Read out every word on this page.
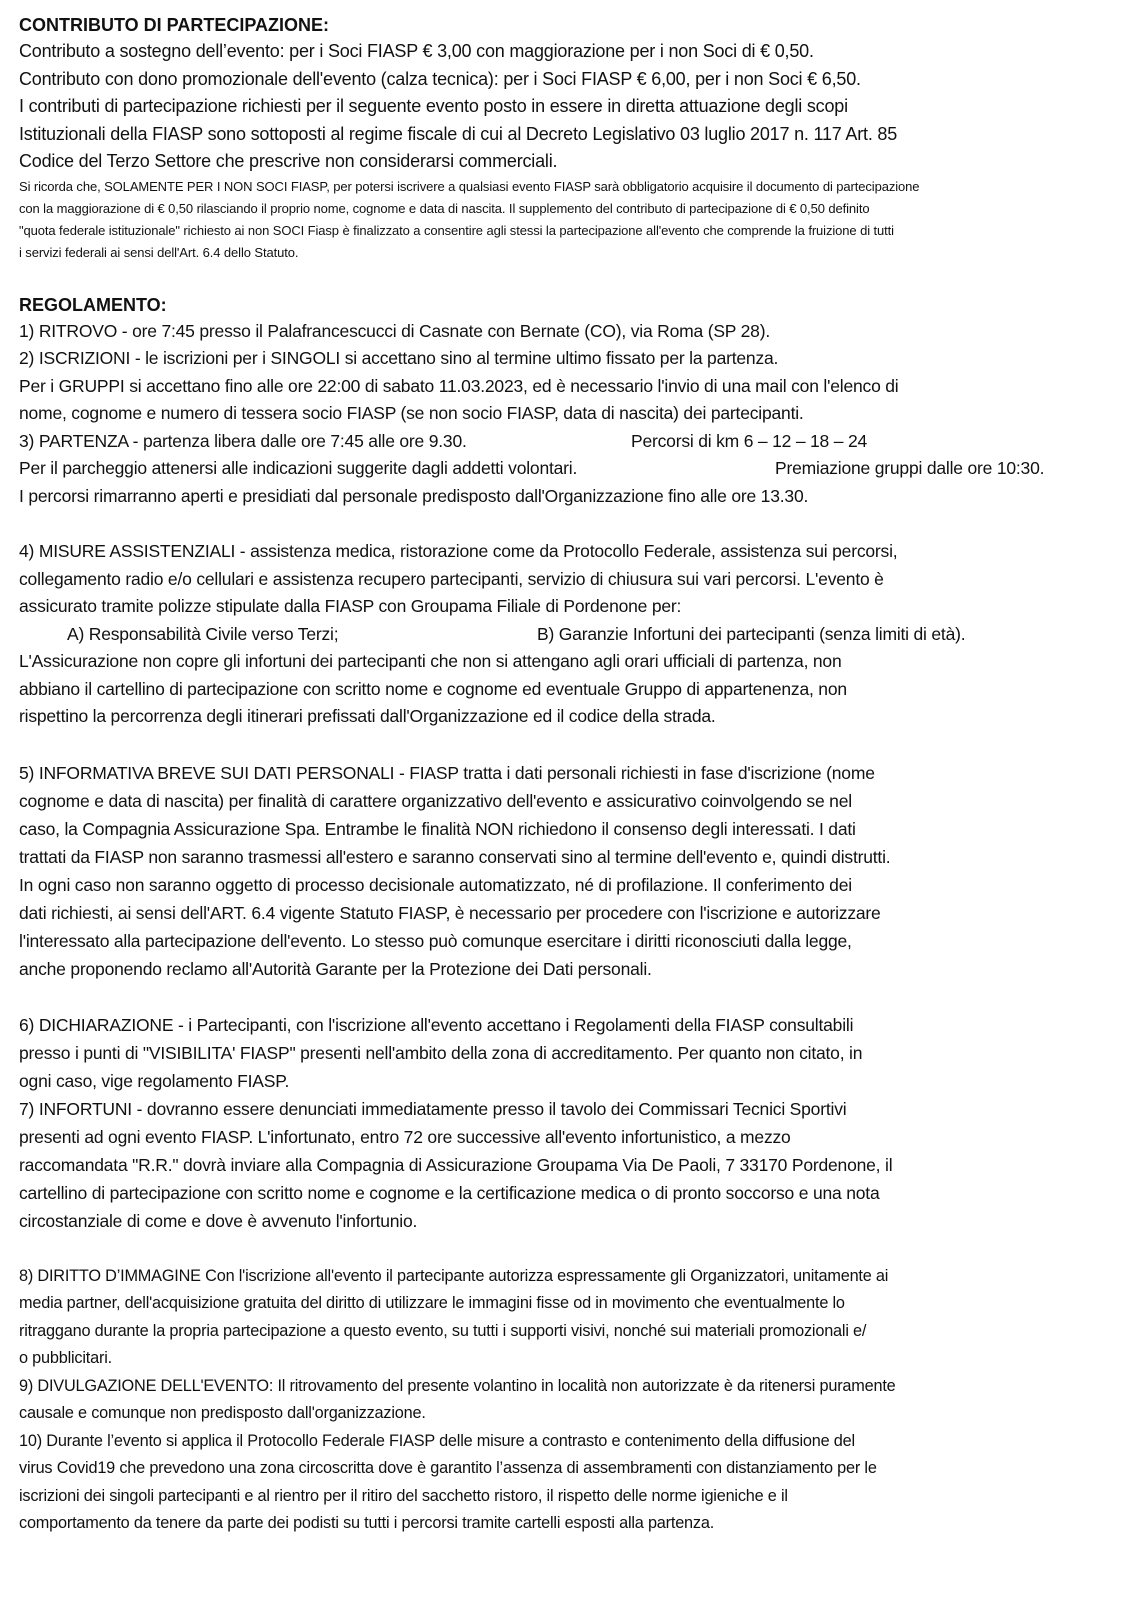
CONTRIBUTO DI PARTECIPAZIONE:
Contributo a sostegno dell’evento: per i Soci FIASP € 3,00 con maggiorazione per i non Soci di € 0,50.
Contributo con dono promozionale dell'evento (calza tecnica): per i Soci FIASP € 6,00, per i non Soci € 6,50.
I contributi di partecipazione richiesti per il seguente evento posto in essere in diretta attuazione degli scopi
Istituzionali della FIASP sono sottoposti al regime fiscale di cui al Decreto Legislativo 03 luglio 2017 n. 117 Art. 85
Codice del Terzo Settore che prescrive non considerarsi commerciali.
Si ricorda che, SOLAMENTE PER I NON SOCI FIASP, per potersi iscrivere a qualsiasi evento FIASP sarà obbligatorio acquisire il documento di partecipazione
con la maggiorazione di € 0,50 rilasciando il proprio nome, cognome e data di nascita. Il supplemento del contributo di partecipazione di € 0,50 definito
"quota federale istituzionale" richiesto ai non SOCI Fiasp è finalizzato a consentire agli stessi la partecipazione all'evento che comprende la fruizione di tutti
i servizi federali ai sensi dell'Art. 6.4 dello Statuto.
REGOLAMENTO:
1) RITROVO - ore 7:45 presso il Palafrancescucci di Casnate con Bernate (CO), via Roma (SP 28).
2) ISCRIZIONI - le iscrizioni per i SINGOLI si accettano sino al termine ultimo fissato per la partenza.
Per i GRUPPI si accettano fino alle ore 22:00 di sabato 11.03.2023, ed è necessario l'invio di una mail con l'elenco di
nome, cognome e numero di tessera socio FIASP (se non socio FIASP, data di nascita) dei partecipanti.
3) PARTENZA - partenza libera dalle ore 7:45 alle ore 9.30.	Percorsi di km 6 – 12 – 18 – 24
Per il parcheggio attenersi alle indicazioni suggerite dagli addetti volontari.	Premiazione gruppi dalle ore 10:30.
I percorsi rimarranno aperti e presidiati dal personale predisposto dall'Organizzazione fino alle ore 13.30.
4) MISURE ASSISTENZIALI - assistenza medica, ristorazione come da Protocollo Federale, assistenza sui percorsi,
collegamento radio e/o cellulari e assistenza recupero partecipanti, servizio di chiusura sui vari percorsi. L'evento è
assicurato tramite polizze stipulate dalla FIASP con Groupama Filiale di Pordenone per:
A) Responsabilità Civile verso Terzi;	B) Garanzie Infortuni dei partecipanti (senza limiti di età).
L'Assicurazione non copre gli infortuni dei partecipanti che non si attengano agli orari ufficiali di partenza, non
abbiano il cartellino di partecipazione con scritto nome e cognome ed eventuale Gruppo di appartenenza, non
rispettino la percorrenza degli itinerari prefissati dall'Organizzazione ed il codice della strada.
5) INFORMATIVA BREVE SUI DATI PERSONALI - FIASP tratta i dati personali richiesti in fase d'iscrizione (nome
cognome e data di nascita) per finalità di carattere organizzativo dell'evento e assicurativo coinvolgendo se nel
caso, la Compagnia Assicurazione Spa. Entrambe le finalità NON richiedono il consenso degli interessati. I dati
trattati da FIASP non saranno trasmessi all'estero e saranno conservati sino al termine dell'evento e, quindi distrutti.
In ogni caso non saranno oggetto di processo decisionale automatizzato, né di profilazione. Il conferimento dei
dati richiesti, ai sensi dell'ART. 6.4 vigente Statuto FIASP, è necessario per procedere con l'iscrizione e autorizzare
l'interessato alla partecipazione dell'evento. Lo stesso può comunque esercitare i diritti riconosciuti dalla legge,
anche proponendo reclamo all'Autorità Garante per la Protezione dei Dati personali.
6) DICHIARAZIONE - i Partecipanti, con l'iscrizione all'evento accettano i Regolamenti della FIASP consultabili
presso i punti di "VISIBILITA' FIASP" presenti nell'ambito della zona di accreditamento. Per quanto non citato, in
ogni caso, vige regolamento FIASP.
7) INFORTUNI - dovranno essere denunciati immediatamente presso il tavolo dei Commissari Tecnici Sportivi
presenti ad ogni evento FIASP. L'infortunato, entro 72 ore successive all'evento infortunistico, a mezzo
raccomandata "R.R." dovrà inviare alla Compagnia di Assicurazione Groupama Via De Paoli, 7 33170 Pordenone, il
cartellino di partecipazione con scritto nome e cognome e la certificazione medica o di pronto soccorso e una nota
circostanziale di come e dove è avvenuto l'infortunio.
8) DIRITTO D’IMMAGINE Con l'iscrizione all'evento il partecipante autorizza espressamente gli Organizzatori, unitamente ai
media partner, dell'acquisizione gratuita del diritto di utilizzare le immagini fisse od in movimento che eventualmente lo
ritraggano durante la propria partecipazione a questo evento, su tutti i supporti visivi, nonché sui materiali promozionali e/
o pubblicitari.
9) DIVULGAZIONE DELL'EVENTO: Il ritrovamento del presente volantino in località non autorizzate è da ritenersi puramente
causale e comunque non predisposto dall'organizzazione.
10) Durante l’evento si applica il Protocollo Federale FIASP delle misure a contrasto e contenimento della diffusione del
virus Covid19 che prevedono una zona circoscritta dove è garantito l’assenza di assembramenti con distanziamento per le
iscrizioni dei singoli partecipanti e al rientro per il ritiro del sacchetto ristoro, il rispetto delle norme igieniche e il
comportamento da tenere da parte dei podisti su tutti i percorsi tramite cartelli esposti alla partenza.
